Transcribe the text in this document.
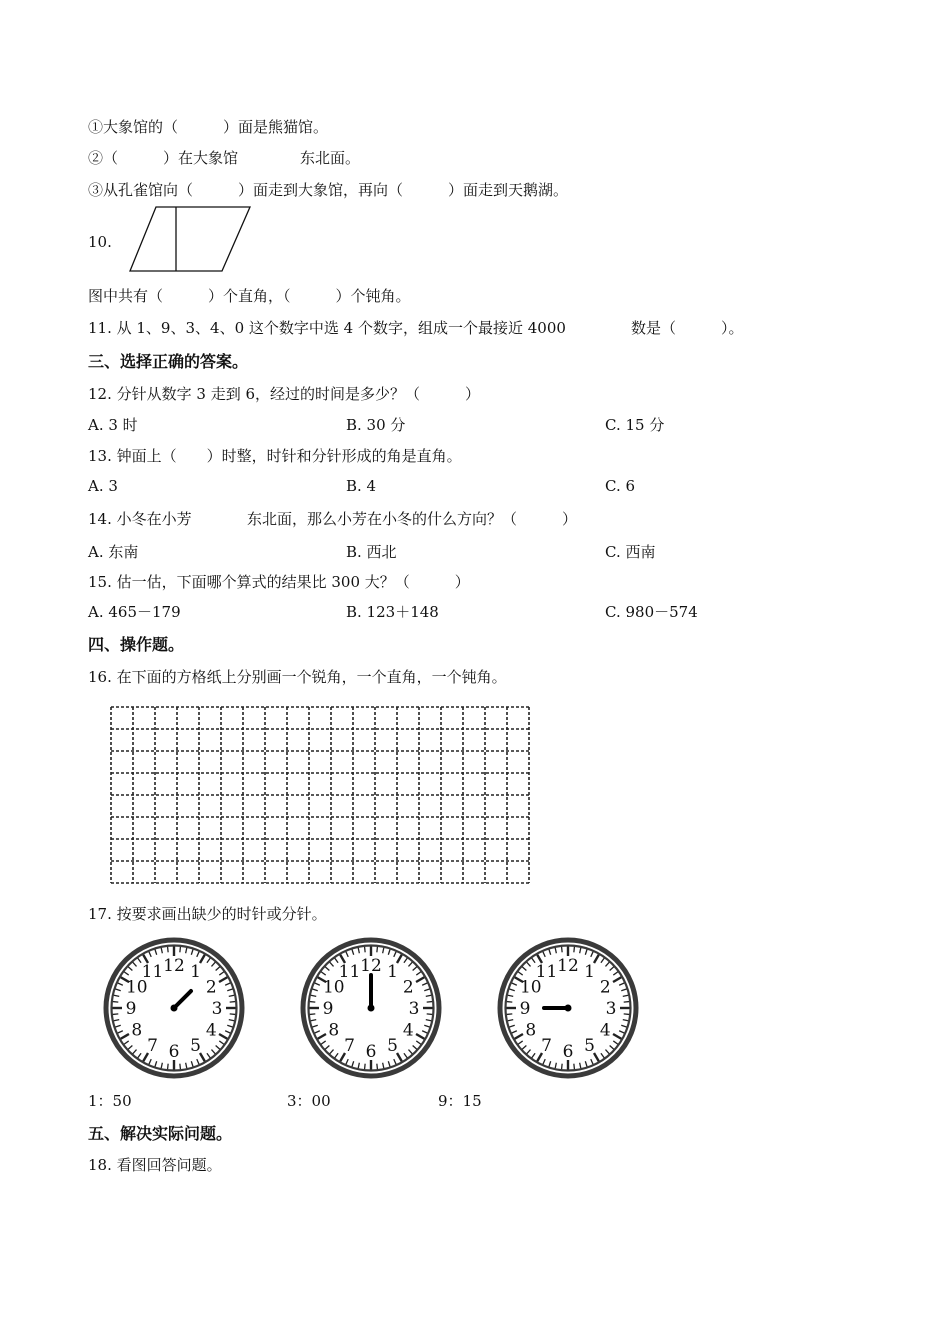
①大象馆的（　　　）面是熊猫馆。
②（　　　）在大象馆	东北面。
③从孔雀馆向（　　　）面走到大象馆，再向（　　　）面走到天鹅湖。
10.
图中共有（　　　）个直角，（　　　）个钝角。
11. 从 1、9、3、4、0 这个数字中选 4 个数字，组成一个最接近 4000	数是（　　　）。
三、选择正确的答案。
12. 分针从数字 3 走到 6，经过的时间是多少？（　　　）
A. 3 时	B. 30 分	C. 15 分
13. 钟面上（　　）时整，时针和分针形成的角是直角。
A. 3	B. 4	C. 6
14. 小冬在小芳	东北面，那么小芳在小冬的什么方向？（　　　）
A. 东南	B. 西北	C. 西南
15. 估一估，下面哪个算式的结果比 300 大？（　　　）
A. 465－179	B. 123＋148	C. 980－574
四、操作题。
16. 在下面的方格纸上分别画一个锐角，一个直角，一个钝角。
17. 按要求画出缺少的时针或分针。
12 1
2
3
4
5
6
7
8
9
10
11	12 1
2
3
4
5
6
7
8
9
10
11	12 1
2
3
4
5
6
7
8
9
10
11
1：50	3：00	9：15
五、解决实际问题。
18. 看图回答问题。
